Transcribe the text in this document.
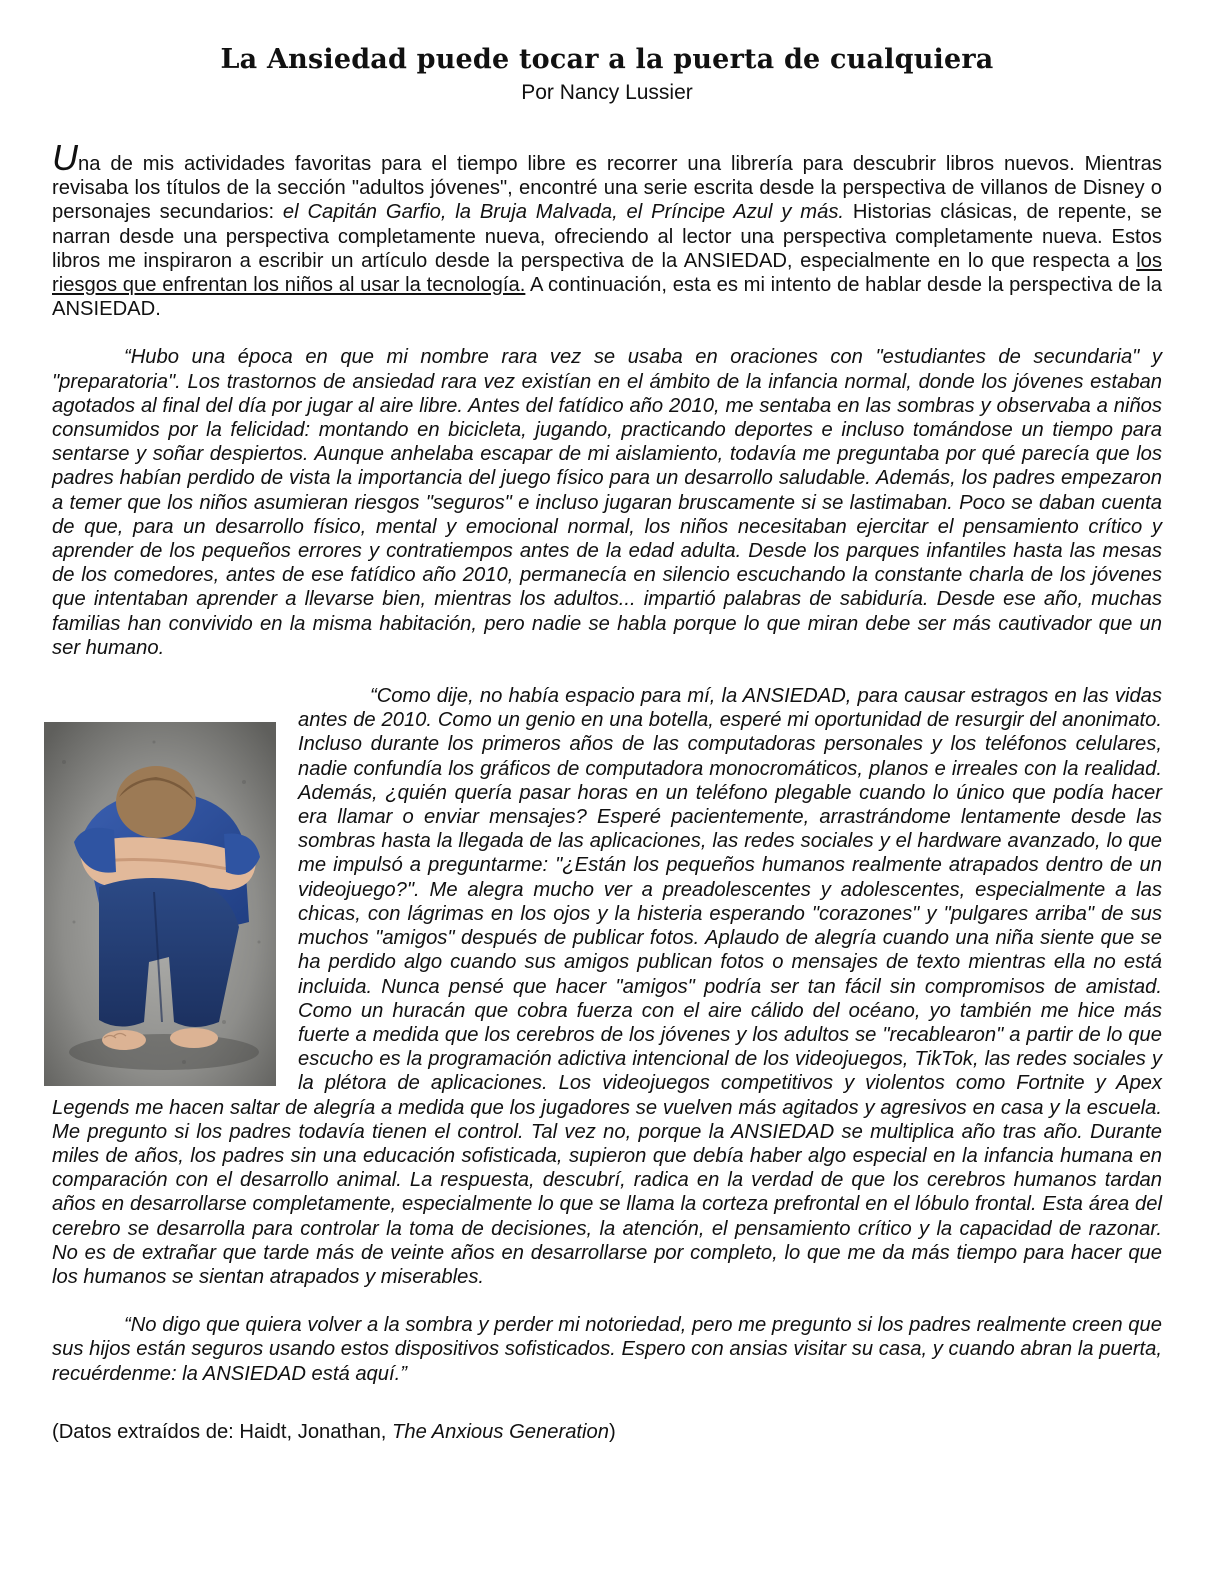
La Ansiedad puede tocar a la puerta de cualquiera

Por Nancy Lussier

Una de mis actividades favoritas para el tiempo libre es recorrer una librería para descubrir libros nuevos. Mientras revisaba los títulos de la sección "adultos jóvenes", encontré una serie escrita desde la perspectiva de villanos de Disney o personajes secundarios: el Capitán Garfio, la Bruja Malvada, el Príncipe Azul y más. Historias clásicas, de repente, se narran desde una perspectiva completamente nueva, ofreciendo al lector una perspectiva completamente nueva. Estos libros me inspiraron a escribir un artículo desde la perspectiva de la ANSIEDAD, especialmente en lo que respecta a los riesgos que enfrentan los niños al usar la tecnología. A continuación, esta es mi intento de hablar desde la perspectiva de la ANSIEDAD.

“Hubo una época en que mi nombre rara vez se usaba en oraciones con "estudiantes de secundaria" y "preparatoria". Los trastornos de ansiedad rara vez existían en el ámbito de la infancia normal, donde los jóvenes estaban agotados al final del día por jugar al aire libre. Antes del fatídico año 2010, me sentaba en las sombras y observaba a niños consumidos por la felicidad: montando en bicicleta, jugando, practicando deportes e incluso tomándose un tiempo para sentarse y soñar despiertos. Aunque anhelaba escapar de mi aislamiento, todavía me preguntaba por qué parecía que los padres habían perdido de vista la importancia del juego físico para un desarrollo saludable. Además, los padres empezaron a temer que los niños asumieran riesgos "seguros" e incluso jugaran bruscamente si se lastimaban. Poco se daban cuenta de que, para un desarrollo físico, mental y emocional normal, los niños necesitaban ejercitar el pensamiento crítico y aprender de los pequeños errores y contratiempos antes de la edad adulta. Desde los parques infantiles hasta las mesas de los comedores, antes de ese fatídico año 2010, permanecía en silencio escuchando la constante charla de los jóvenes que intentaban aprender a llevarse bien, mientras los adultos... impartió palabras de sabiduría. Desde ese año, muchas familias han convivido en la misma habitación, pero nadie se habla porque lo que miran debe ser más cautivador que un ser humano.

“Como dije, no había espacio para mí, la ANSIEDAD, para causar estragos en las vidas antes de 2010. Como un genio en una botella, esperé mi oportunidad de resurgir del anonimato. Incluso durante los primeros años de las computadoras personales y los teléfonos celulares, nadie confundía los gráficos de computadora monocromáticos, planos e irreales con la realidad. Además, ¿quién quería pasar horas en un teléfono plegable cuando lo único que podía hacer era llamar o enviar mensajes? Esperé pacientemente, arrastrándome lentamente desde las sombras hasta la llegada de las aplicaciones, las redes sociales y el hardware avanzado, lo que me impulsó a preguntarme: "¿Están los pequeños humanos realmente atrapados dentro de un videojuego?". Me alegra mucho ver a preadolescentes y adolescentes, especialmente a las chicas, con lágrimas en los ojos y la histeria esperando "corazones" y "pulgares arriba" de sus muchos "amigos" después de publicar fotos. Aplaudo de alegría cuando una niña siente que se ha perdido algo cuando sus amigos publican fotos o mensajes de texto mientras ella no está incluida. Nunca pensé que hacer "amigos" podría ser tan fácil sin compromisos de amistad. Como un huracán que cobra fuerza con el aire cálido del océano, yo también me hice más fuerte a medida que los cerebros de los jóvenes y los adultos se "recablearon" a partir de lo que escucho es la programación adictiva intencional de los videojuegos, TikTok, las redes sociales y la plétora de aplicaciones. Los videojuegos competitivos y violentos como Fortnite y Apex Legends me hacen saltar de alegría a medida que los jugadores se vuelven más agitados y agresivos en casa y la escuela. Me pregunto si los padres todavía tienen el control. Tal vez no, porque la ANSIEDAD se multiplica año tras año. Durante miles de años, los padres sin una educación sofisticada, supieron que debía haber algo especial en la infancia humana en comparación con el desarrollo animal. La respuesta, descubrí, radica en la verdad de que los cerebros humanos tardan años en desarrollarse completamente, especialmente lo que se llama la corteza prefrontal en el lóbulo frontal. Esta área del cerebro se desarrolla para controlar la toma de decisiones, la atención, el pensamiento crítico y la capacidad de razonar. No es de extrañar que tarde más de veinte años en desarrollarse por completo, lo que me da más tiempo para hacer que los humanos se sientan atrapados y miserables.

“No digo que quiera volver a la sombra y perder mi notoriedad, pero me pregunto si los padres realmente creen que sus hijos están seguros usando estos dispositivos sofisticados. Espero con ansias visitar su casa, y cuando abran la puerta, recuérdenme: la ANSIEDAD está aquí.”

(Datos extraídos de: Haidt, Jonathan, The Anxious Generation)
